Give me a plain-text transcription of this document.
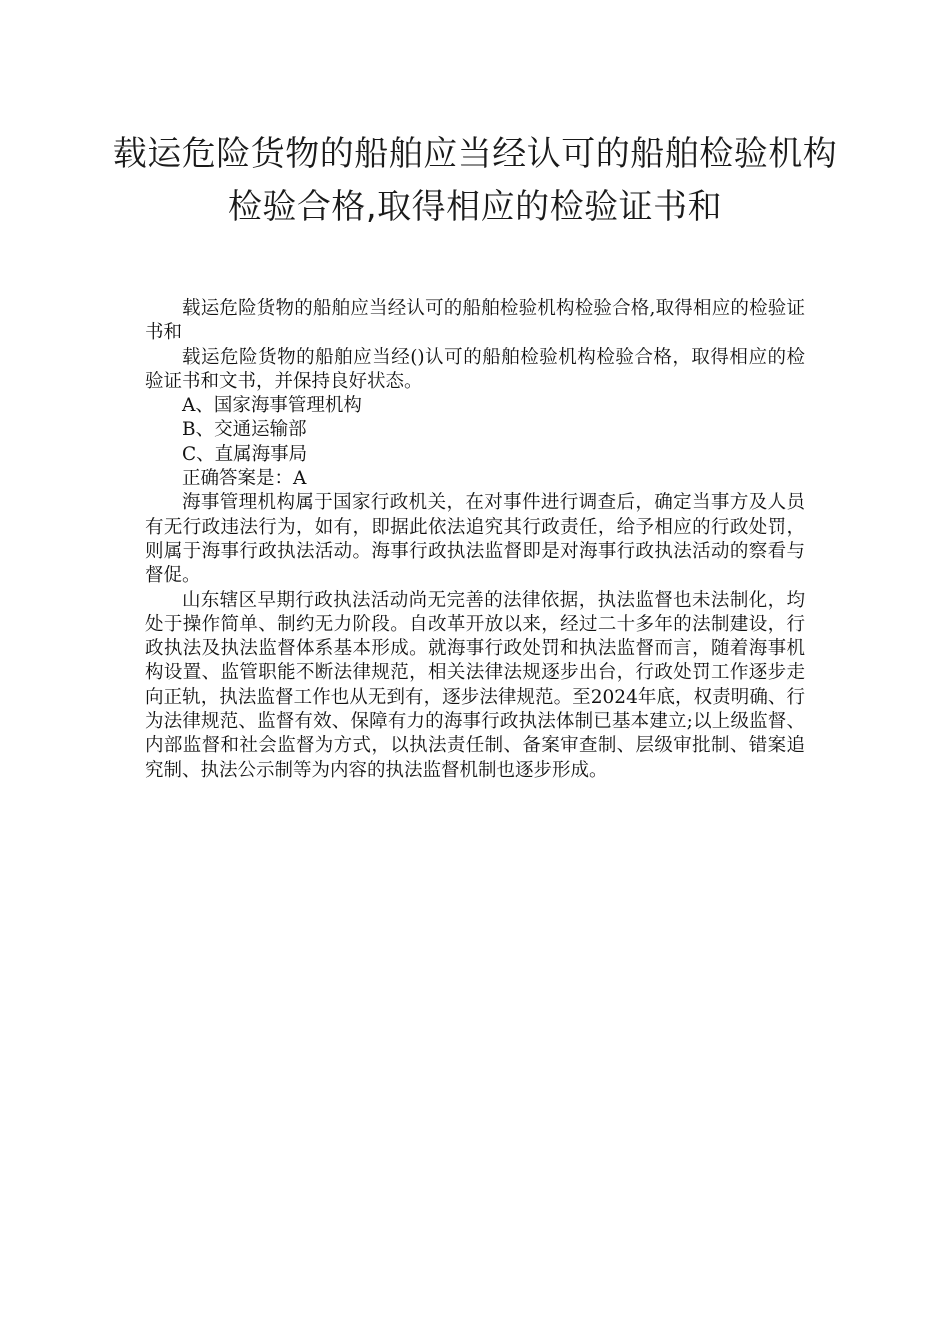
载运危险货物的船舶应当经认可的船舶检验机构检验合格,取得相应的检验证书和

载运危险货物的船舶应当经认可的船舶检验机构检验合格,取得相应的检验证书和

载运危险货物的船舶应当经()认可的船舶检验机构检验合格，取得相应的检验证书和文书，并保持良好状态。

A、国家海事管理机构

B、交通运输部

C、直属海事局

正确答案是：A

海事管理机构属于国家行政机关，在对事件进行调查后，确定当事方及人员有无行政违法行为，如有，即据此依法追究其行政责任，给予相应的行政处罚，则属于海事行政执法活动。海事行政执法监督即是对海事行政执法活动的察看与督促。

山东辖区早期行政执法活动尚无完善的法律依据，执法监督也未法制化，均处于操作简单、制约无力阶段。自改革开放以来，经过二十多年的法制建设，行政执法及执法监督体系基本形成。就海事行政处罚和执法监督而言，随着海事机构设置、监管职能不断法律规范，相关法律法规逐步出台，行政处罚工作逐步走向正轨，执法监督工作也从无到有，逐步法律规范。至2024年底，权责明确、行为法律规范、监督有效、保障有力的海事行政执法体制已基本建立;以上级监督、内部监督和社会监督为方式，以执法责任制、备案审查制、层级审批制、错案追究制、执法公示制等为内容的执法监督机制也逐步形成。
